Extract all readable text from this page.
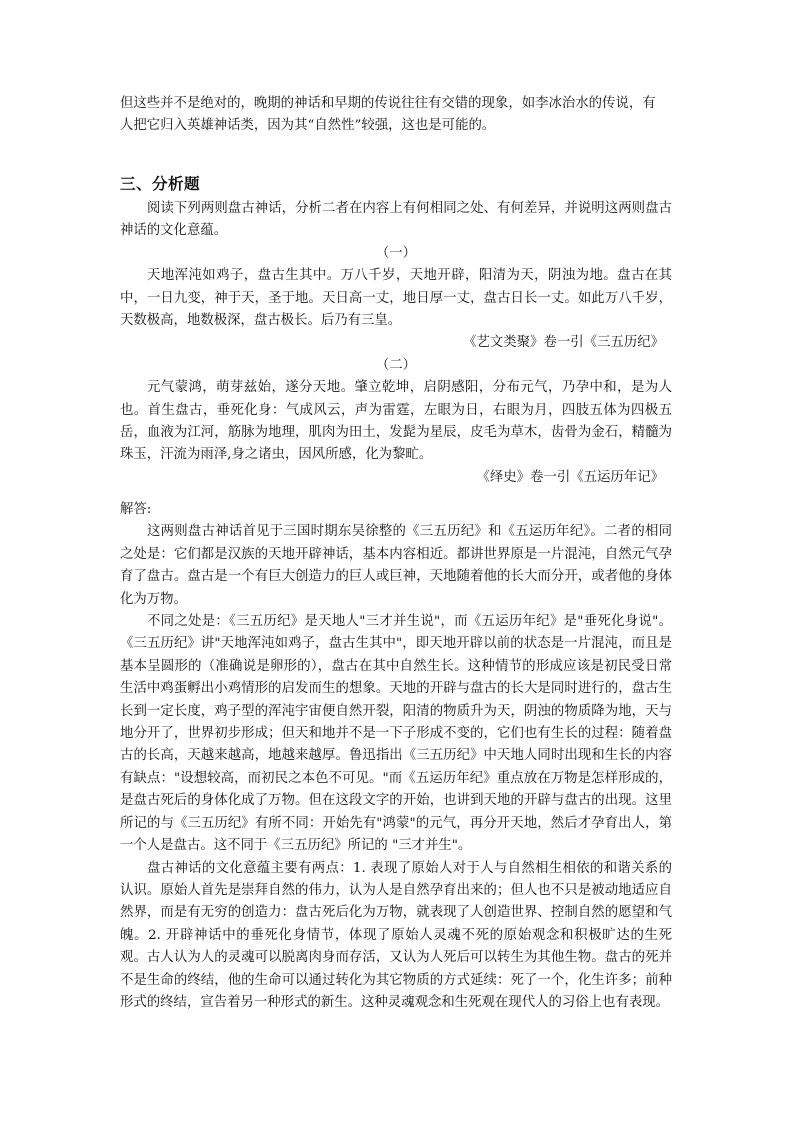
但这些并不是绝对的，晚期的神话和早期的传说往往有交错的现象，如李冰治水的传说，有

人把它归入英雄神话类，因为其“自然性”较强，这也是可能的。

三、分析题

阅读下列两则盘古神话，分析二者在内容上有何相同之处、有何差异，并说明这两则盘古神话的文化意蕴。

（一）

天地浑沌如鸡子，盘古生其中。万八千岁，天地开辟，阳清为天，阴浊为地。盘古在其中，一日九变，神于天，圣于地。天日高一丈，地日厚一丈，盘古日长一丈。如此万八千岁，天数极高，地数极深，盘古极长。后乃有三皇。

《艺文类聚》卷一引《三五历纪》

（二）

元气蒙鸿，萌芽兹始，遂分天地。肇立乾坤，启阴感阳，分布元气，乃孕中和，是为人也。首生盘古，垂死化身：气成风云，声为雷霆，左眼为日，右眼为月，四肢五体为四极五岳，血液为江河，筋脉为地理，肌肉为田土，发髭为星辰，皮毛为草木，齿骨为金石，精髓为珠玉，汗流为雨泽,身之诸虫，因风所感，化为黎甿。

《绎史》卷一引《五运历年记》

解答:

这两则盘古神话首见于三国时期东吴徐整的《三五历纪》和《五运历年纪》。二者的相同之处是：它们都是汉族的天地开辟神话，基本内容相近。都讲世界原是一片混沌，自然元气孕育了盘古。盘古是一个有巨大创造力的巨人或巨神，天地随着他的长大而分开，或者他的身体化为万物。

不同之处是：《三五历纪》是天地人"三才并生说"，而《五运历年纪》是"垂死化身说"。《三五历纪》讲"天地浑沌如鸡子，盘古生其中"，即天地开辟以前的状态是一片混沌，而且是基本呈圆形的（准确说是卵形的），盘古在其中自然生长。这种情节的形成应该是初民受日常生活中鸡蛋孵出小鸡情形的启发而生的想象。天地的开辟与盘古的长大是同时进行的，盘古生长到一定长度，鸡子型的浑沌宇宙便自然开裂，阳清的物质升为天，阴浊的物质降为地，天与地分开了，世界初步形成；但天和地并不是一下子形成不变的，它们也有生长的过程：随着盘古的长高，天越来越高，地越来越厚。鲁迅指出《三五历纪》中天地人同时出现和生长的内容有缺点："设想较高，而初民之本色不可见。"而《五运历年纪》重点放在万物是怎样形成的，是盘古死后的身体化成了万物。但在这段文字的开始，也讲到天地的开辟与盘古的出现。这里所记的与《三五历纪》有所不同：开始先有"鸿蒙"的元气，再分开天地，然后才孕育出人，第一个人是盘古。这不同于《三五历纪》所记的 "三才并生"。

盘古神话的文化意蕴主要有两点：1. 表现了原始人对于人与自然相生相依的和谐关系的认识。原始人首先是崇拜自然的伟力，认为人是自然孕育出来的；但人也不只是被动地适应自然界，而是有无穷的创造力：盘古死后化为万物，就表现了人创造世界、控制自然的愿望和气魄。2. 开辟神话中的垂死化身情节，体现了原始人灵魂不死的原始观念和积极旷达的生死观。古人认为人的灵魂可以脱离肉身而存活，又认为人死后可以转生为其他生物。盘古的死并不是生命的终结，他的生命可以通过转化为其它物质的方式延续：死了一个，化生许多；前种形式的终结，宣告着另一种形式的新生。这种灵魂观念和生死观在现代人的习俗上也有表现。
